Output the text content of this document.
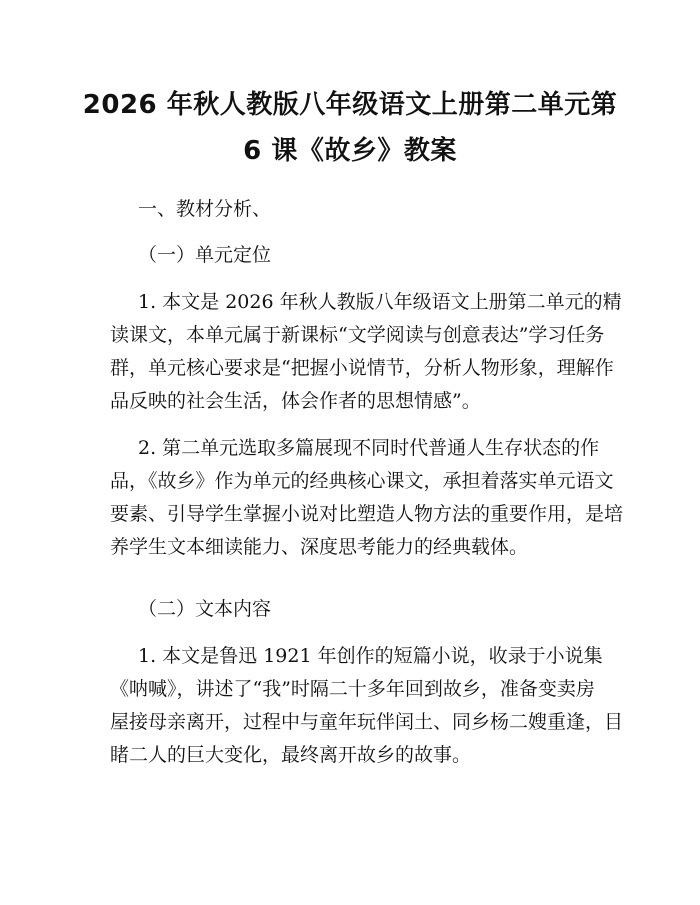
2026 年秋人教版八年级语文上册第二单元第
6 课《故乡》教案
一、教材分析、
（一）单元定位
1. 本文是 2026 年秋人教版八年级语文上册第二单元的精
读课文，本单元属于新课标“文学阅读与创意表达”学习任务
群，单元核心要求是“把握小说情节，分析人物形象，理解作
品反映的社会生活，体会作者的思想情感”。
2. 第二单元选取多篇展现不同时代普通人生存状态的作
品，《故乡》作为单元的经典核心课文，承担着落实单元语文
要素、引导学生掌握小说对比塑造人物方法的重要作用，是培
养学生文本细读能力、深度思考能力的经典载体。
（二）文本内容
1. 本文是鲁迅 1921 年创作的短篇小说，收录于小说集
《呐喊》，讲述了“我”时隔二十多年回到故乡，准备变卖房
屋接母亲离开，过程中与童年玩伴闰土、同乡杨二嫂重逢，目
睹二人的巨大变化，最终离开故乡的故事。
